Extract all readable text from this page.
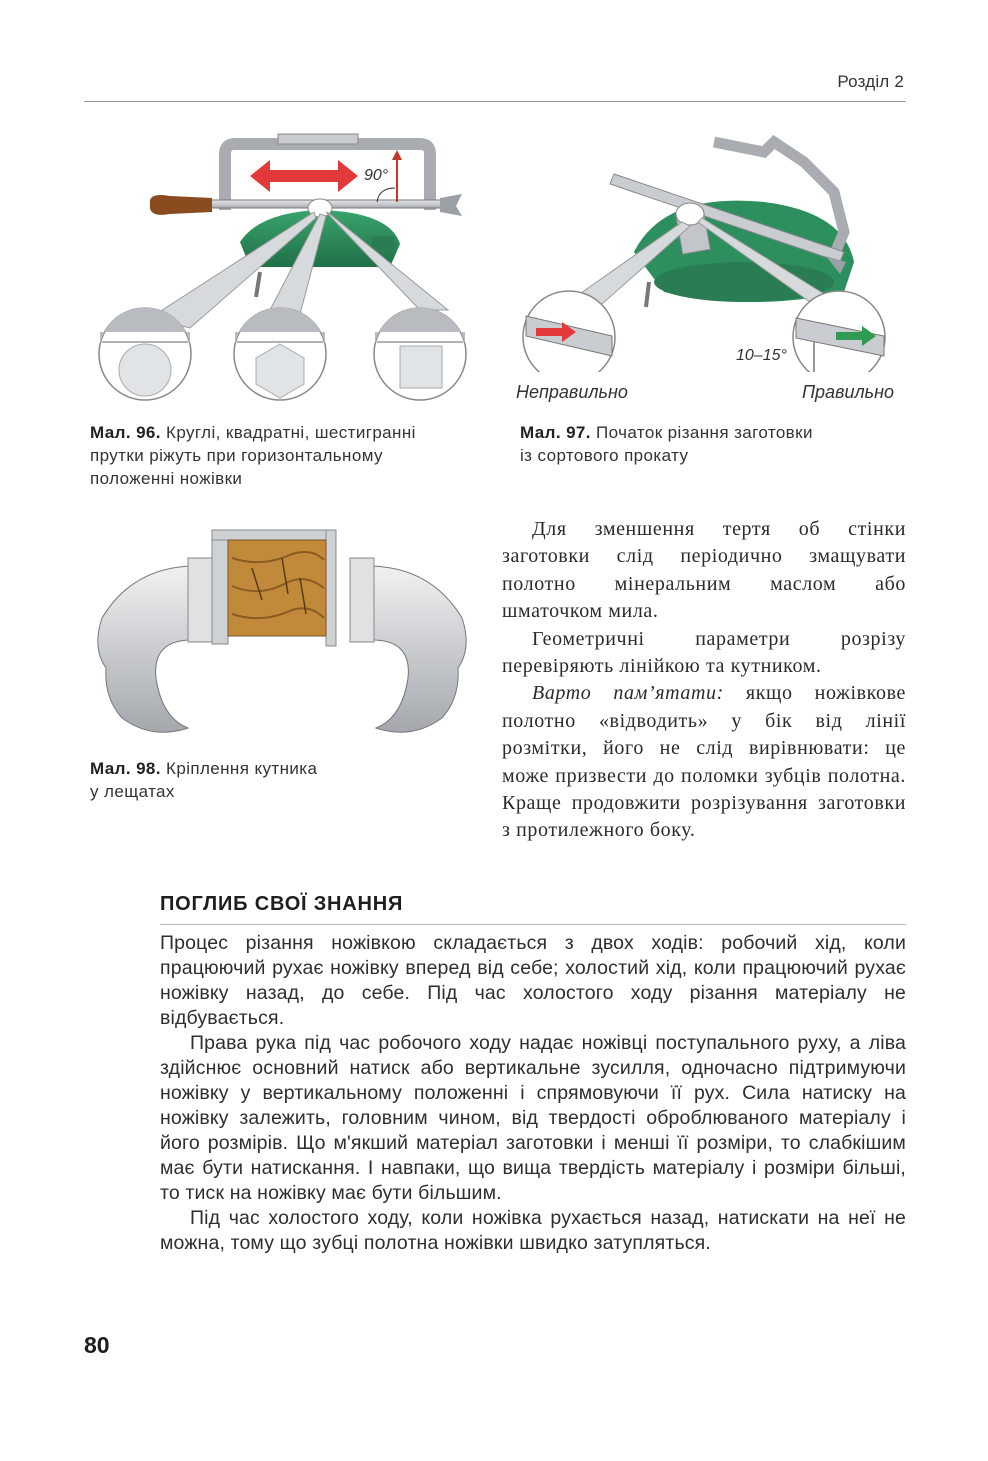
Розділ 2
90°
Мал. 96. Круглі, квадратні, шестигранні
прутки ріжуть при горизонтальному
положенні ножівки
10–15°
Неправильно	Правильно
Мал. 97. Початок різання заготовки
із сортового прокату
Мал. 98. Кріплення кутника
у лещатах

Для зменшення тертя об стінки заготовки слід періодично змащувати полотно мінеральним маслом або шматочком мила.

Геометричні параметри розрізу перевіряють лінійкою та кутником.

Варто пам’ятати: якщо ножівкове полотно «відводить» у бік від лінії розмітки, його не слід вирівнювати: це може призвести до поломки зубців полотна. Краще продовжити розрізування заготовки з протилежного боку.

ПОГЛИБ СВОЇ ЗНАННЯ

Процес різання ножівкою складається з двох ходів: робочий хід, коли працюючий рухає ножівку вперед від себе; холостий хід, коли працюючий рухає ножівку назад, до себе. Під час холостого ходу різання матеріалу не відбувається.

Права рука під час робочого ходу надає ножівці поступального руху, а ліва здійснює основний натиск або вертикальне зусилля, одночасно підтримуючи ножівку у вертикальному положенні і спрямовуючи її рух. Сила натиску на ножівку залежить, головним чином, від твердості оброблюваного матеріалу і його розмірів. Що м'якший матеріал заготовки і менші її розміри, то слабкішим має бути натискання. І навпаки, що вища твердість матеріалу і розміри більші, то тиск на ножівку має бути більшим.

Під час холостого ходу, коли ножівка рухається назад, натискати на неї не можна, тому що зубці полотна ножівки швидко затупляться.

80
